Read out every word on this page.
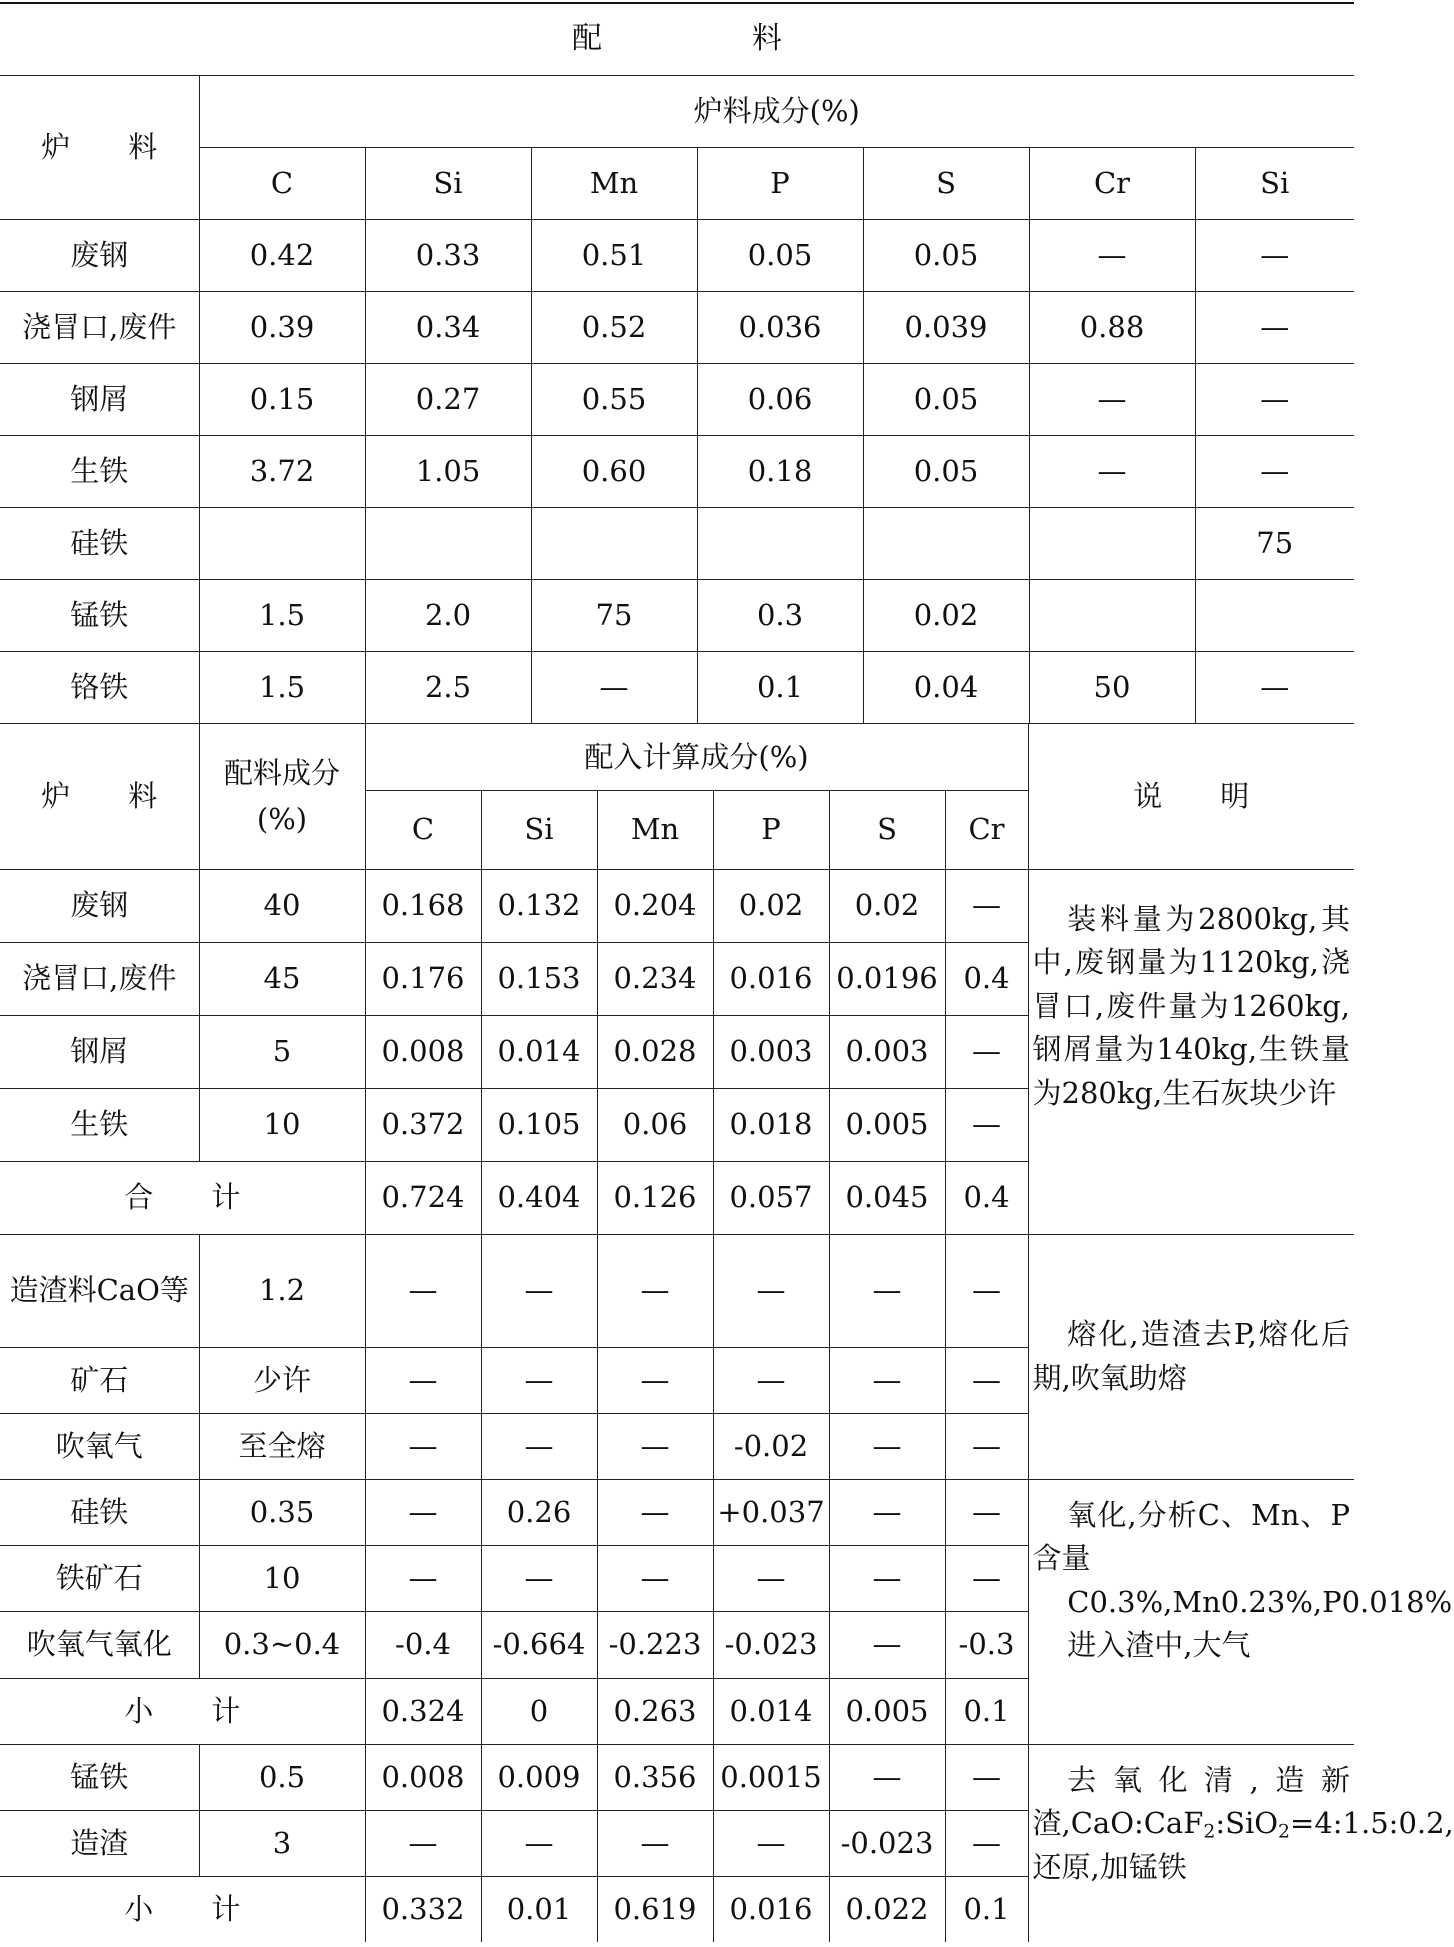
配　　　　　料							
炉　　料	炉料成分(%)						
	C	Si	Mn	P	S	Cr	Si
废钢	0.42	0.33	0.51	0.05	0.05	—	—
浇冒口,废件	0.39	0.34	0.52	0.036	0.039	0.88	—
钢屑	0.15	0.27	0.55	0.06	0.05	—	—
生铁	3.72	1.05	0.60	0.18	0.05	—	—
硅铁							75
锰铁	1.5	2.0	75	0.3	0.02		
铬铁	1.5	2.5	—	0.1	0.04	50	—
炉　　料	配料成分(%)	配入计算成分(%)						说　　明
		C	Si	Mn	P	S	Cr	
废钢	40	0.168	0.132	0.204	0.02	0.02	—	装料量为2800kg,其中,废钢量为1120kg,浇冒口,废件量为1260kg,钢屑量为140kg,生铁量为280kg,生石灰块少许

浇冒口,废件	45	0.176	0.153	0.234	0.016	0.0196	0.4	
钢屑	5	0.008	0.014	0.028	0.003	0.003	—	
生铁	10	0.372	0.105	0.06	0.018	0.005	—	
合　　计		0.724	0.404	0.126	0.057	0.045	0.4	
造渣料CaO等	1.2	—	—	—	—	—	—	熔化,造渣去P,熔化后期,吹氧助熔

矿石	少许	—	—	—	—	—	—	
吹氧气	至全熔	—	—	—	-0.02	—	—	
硅铁	0.35	—	0.26	—	+0.037	—	—	氧化,分析C、Mn、P含量

C0.3%,Mn0.23%,P0.018%

进入渣中,大气

铁矿石	10	—	—	—	—	—	—	
吹氧气氧化	0.3~0.4	-0.4	-0.664	-0.223	-0.023	—	-0.3	
小　　计		0.324	0	0.263	0.014	0.005	0.1	
锰铁	0.5	0.008	0.009	0.356	0.0015	—	—	去氧化清,造新渣,CaO:CaF$_2$:SiO$_2$=4:1.5:0.2,还原,加锰铁

造渣	3	—	—	—	—	-0.023	—	
小　　计		0.332	0.01	0.619	0.016	0.022	0.1	
